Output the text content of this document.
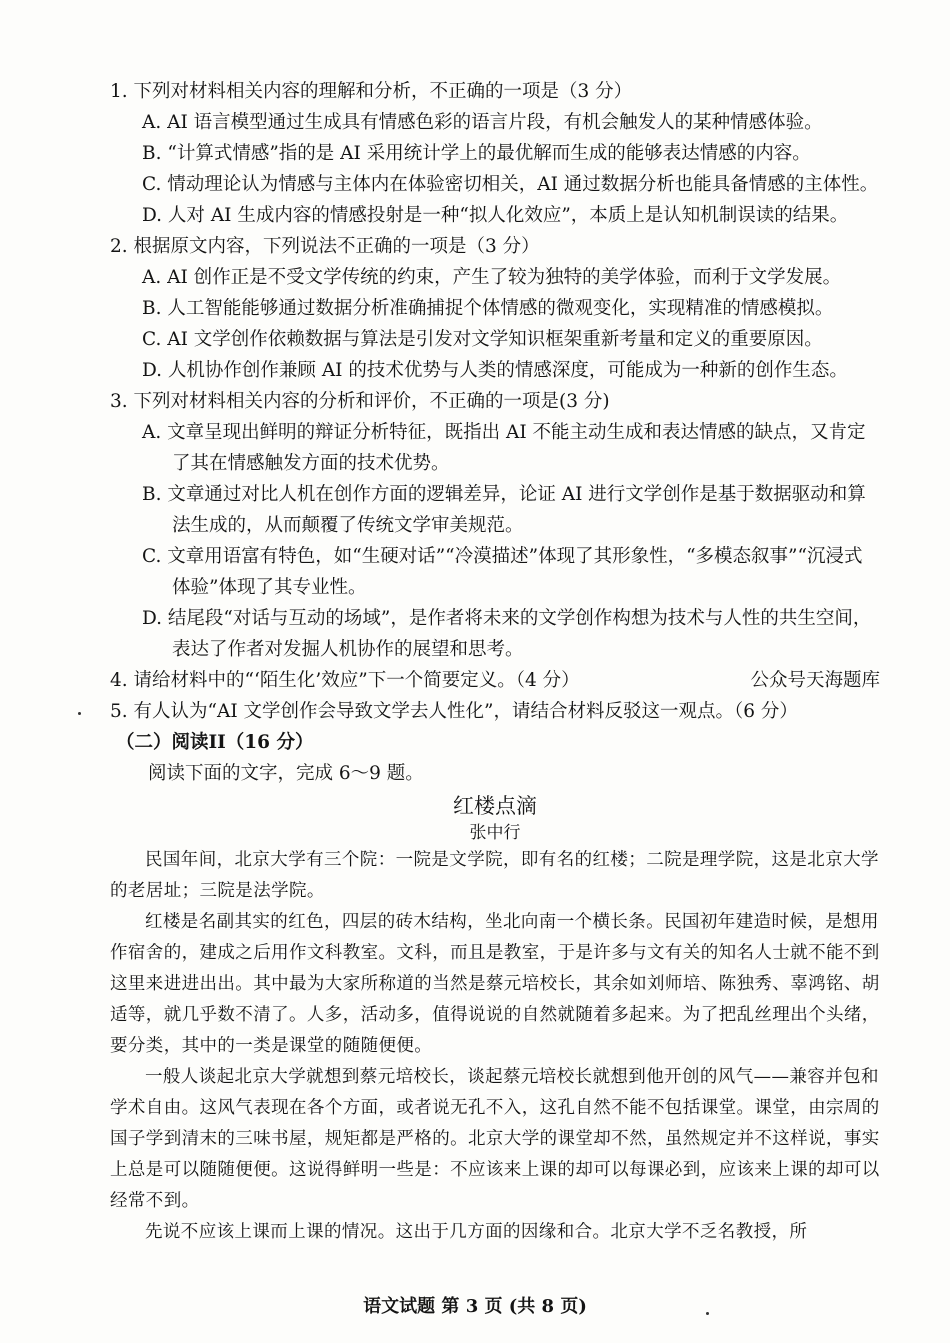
1. 下列对材料相关内容的理解和分析，不正确的一项是（3 分）

A. AI 语言模型通过生成具有情感色彩的语言片段，有机会触发人的某种情感体验。

B. “计算式情感”指的是 AI 采用统计学上的最优解而生成的能够表达情感的内容。

C. 情动理论认为情感与主体内在体验密切相关，AI 通过数据分析也能具备情感的主体性。

D. 人对 AI 生成内容的情感投射是一种“拟人化效应”，本质上是认知机制误读的结果。

2. 根据原文内容，下列说法不正确的一项是（3 分）

A. AI 创作正是不受文学传统的约束，产生了较为独特的美学体验，而利于文学发展。

B. 人工智能能够通过数据分析准确捕捉个体情感的微观变化，实现精准的情感模拟。

C. AI 文学创作依赖数据与算法是引发对文学知识框架重新考量和定义的重要原因。

D. 人机协作创作兼顾 AI 的技术优势与人类的情感深度，可能成为一种新的创作生态。

3. 下列对材料相关内容的分析和评价，不正确的一项是(3 分)

A. 文章呈现出鲜明的辩证分析特征，既指出 AI 不能主动生成和表达情感的缺点，又肯定了其在情感触发方面的技术优势。

B. 文章通过对比人机在创作方面的逻辑差异，论证 AI 进行文学创作是基于数据驱动和算法生成的，从而颠覆了传统文学审美规范。

C. 文章用语富有特色，如“生硬对话”“冷漠描述”体现了其形象性，“多模态叙事”“沉浸式体验”体现了其专业性。

D. 结尾段“对话与互动的场域”，是作者将未来的文学创作构想为技术与人性的共生空间，表达了作者对发掘人机协作的展望和思考。

4. 请给材料中的“‘陌生化’效应”下一个简要定义。（4 分）	公众号天海题库

5. 有人认为“AI 文学创作会导致文学去人性化”，请结合材料反驳这一观点。（6 分）

（二）阅读II（16 分）

阅读下面的文字，完成 6～9 题。

红楼点滴

张中行

民国年间，北京大学有三个院：一院是文学院，即有名的红楼；二院是理学院，这是北京大学的老居址；三院是法学院。

红楼是名副其实的红色，四层的砖木结构，坐北向南一个横长条。民国初年建造时候，是想用作宿舍的，建成之后用作文科教室。文科，而且是教室，于是许多与文有关的知名人士就不能不到这里来进进出出。其中最为大家所称道的当然是蔡元培校长，其余如刘师培、陈独秀、辜鸿铭、胡适等，就几乎数不清了。人多，活动多，值得说说的自然就随着多起来。为了把乱丝理出个头绪，要分类，其中的一类是课堂的随随便便。

一般人谈起北京大学就想到蔡元培校长，谈起蔡元培校长就想到他开创的风气——兼容并包和学术自由。这风气表现在各个方面，或者说无孔不入，这孔自然不能不包括课堂。课堂，由宗周的国子学到清末的三味书屋，规矩都是严格的。北京大学的课堂却不然，虽然规定并不这样说，事实上总是可以随随便便。这说得鲜明一些是：不应该来上课的却可以每课必到，应该来上课的却可以经常不到。

先说不应该上课而上课的情况。这出于几方面的因缘和合。北京大学不乏名教授，所

语文试题 第 3 页 (共 8 页)
